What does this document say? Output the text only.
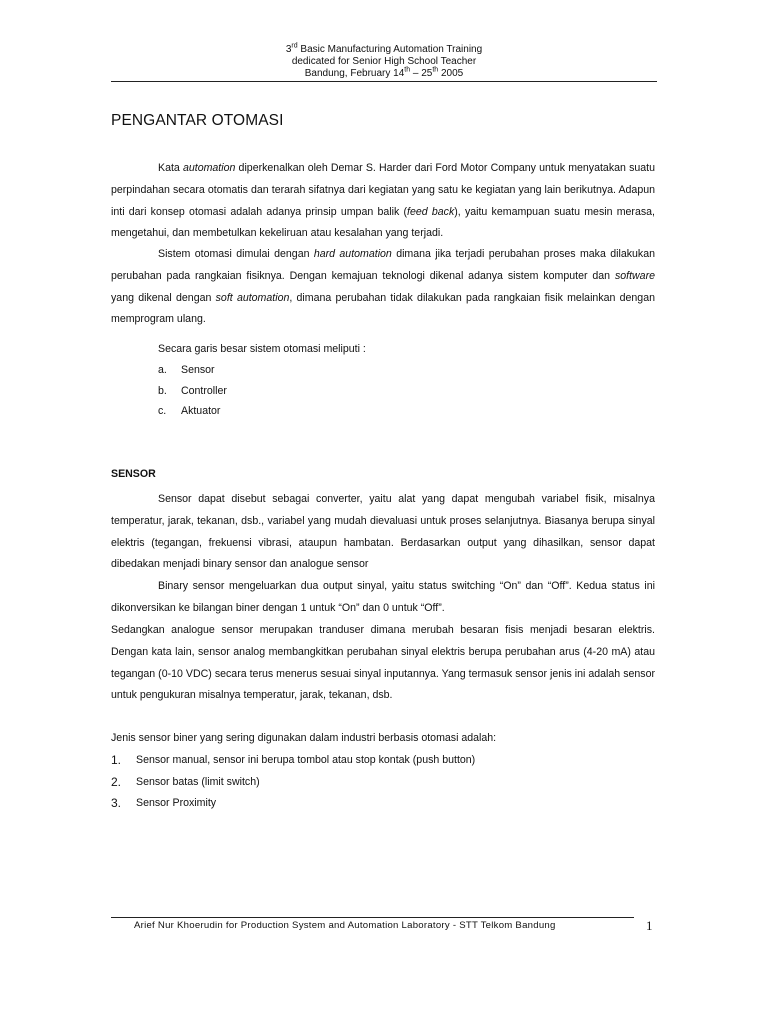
3rd Basic Manufacturing Automation Training
dedicated for Senior High School Teacher
Bandung, February 14th – 25th 2005
PENGANTAR OTOMASI

Kata automation diperkenalkan oleh Demar S. Harder dari Ford Motor Company untuk menyatakan suatu perpindahan secara otomatis dan terarah sifatnya dari kegiatan yang satu ke kegiatan yang lain berikutnya. Adapun inti dari konsep otomasi adalah adanya prinsip umpan balik (feed back), yaitu kemampuan suatu mesin merasa, mengetahui, dan membetulkan kekeliruan atau kesalahan yang terjadi.

Sistem otomasi dimulai dengan hard automation dimana jika terjadi perubahan proses maka dilakukan perubahan pada rangkaian fisiknya. Dengan kemajuan teknologi dikenal adanya sistem komputer dan software yang dikenal dengan soft automation, dimana perubahan tidak dilakukan pada rangkaian fisik melainkan dengan memprogram ulang.

Secara garis besar sistem otomasi meliputi :
a.	Sensor
b.	Controller
c.	Aktuator
SENSOR

Sensor dapat disebut sebagai converter, yaitu alat yang dapat mengubah variabel fisik, misalnya temperatur, jarak, tekanan, dsb., variabel yang mudah dievaluasi untuk proses selanjutnya. Biasanya berupa sinyal elektris (tegangan, frekuensi vibrasi, ataupun hambatan. Berdasarkan output yang dihasilkan, sensor dapat dibedakan menjadi binary sensor dan analogue sensor

Binary sensor mengeluarkan dua output sinyal, yaitu status switching “On” dan “Off”. Kedua status ini dikonversikan ke bilangan biner dengan 1 untuk “On” dan 0 untuk “Off”.

Sedangkan analogue sensor merupakan tranduser dimana merubah besaran fisis menjadi besaran elektris. Dengan kata lain, sensor analog membangkitkan perubahan sinyal elektris berupa perubahan arus (4-20 mA) atau tegangan (0-10 VDC) secara terus menerus sesuai sinyal inputannya. Yang termasuk sensor jenis ini adalah sensor untuk pengukuran misalnya temperatur, jarak, tekanan, dsb.

Jenis sensor biner yang sering digunakan dalam industri berbasis otomasi adalah:

1.	Sensor manual, sensor ini berupa tombol atau stop kontak (push button)
2.	Sensor batas (limit switch)
3.	Sensor Proximity
Arief Nur Khoerudin for Production System and Automation Laboratory - STT Telkom Bandung	1
